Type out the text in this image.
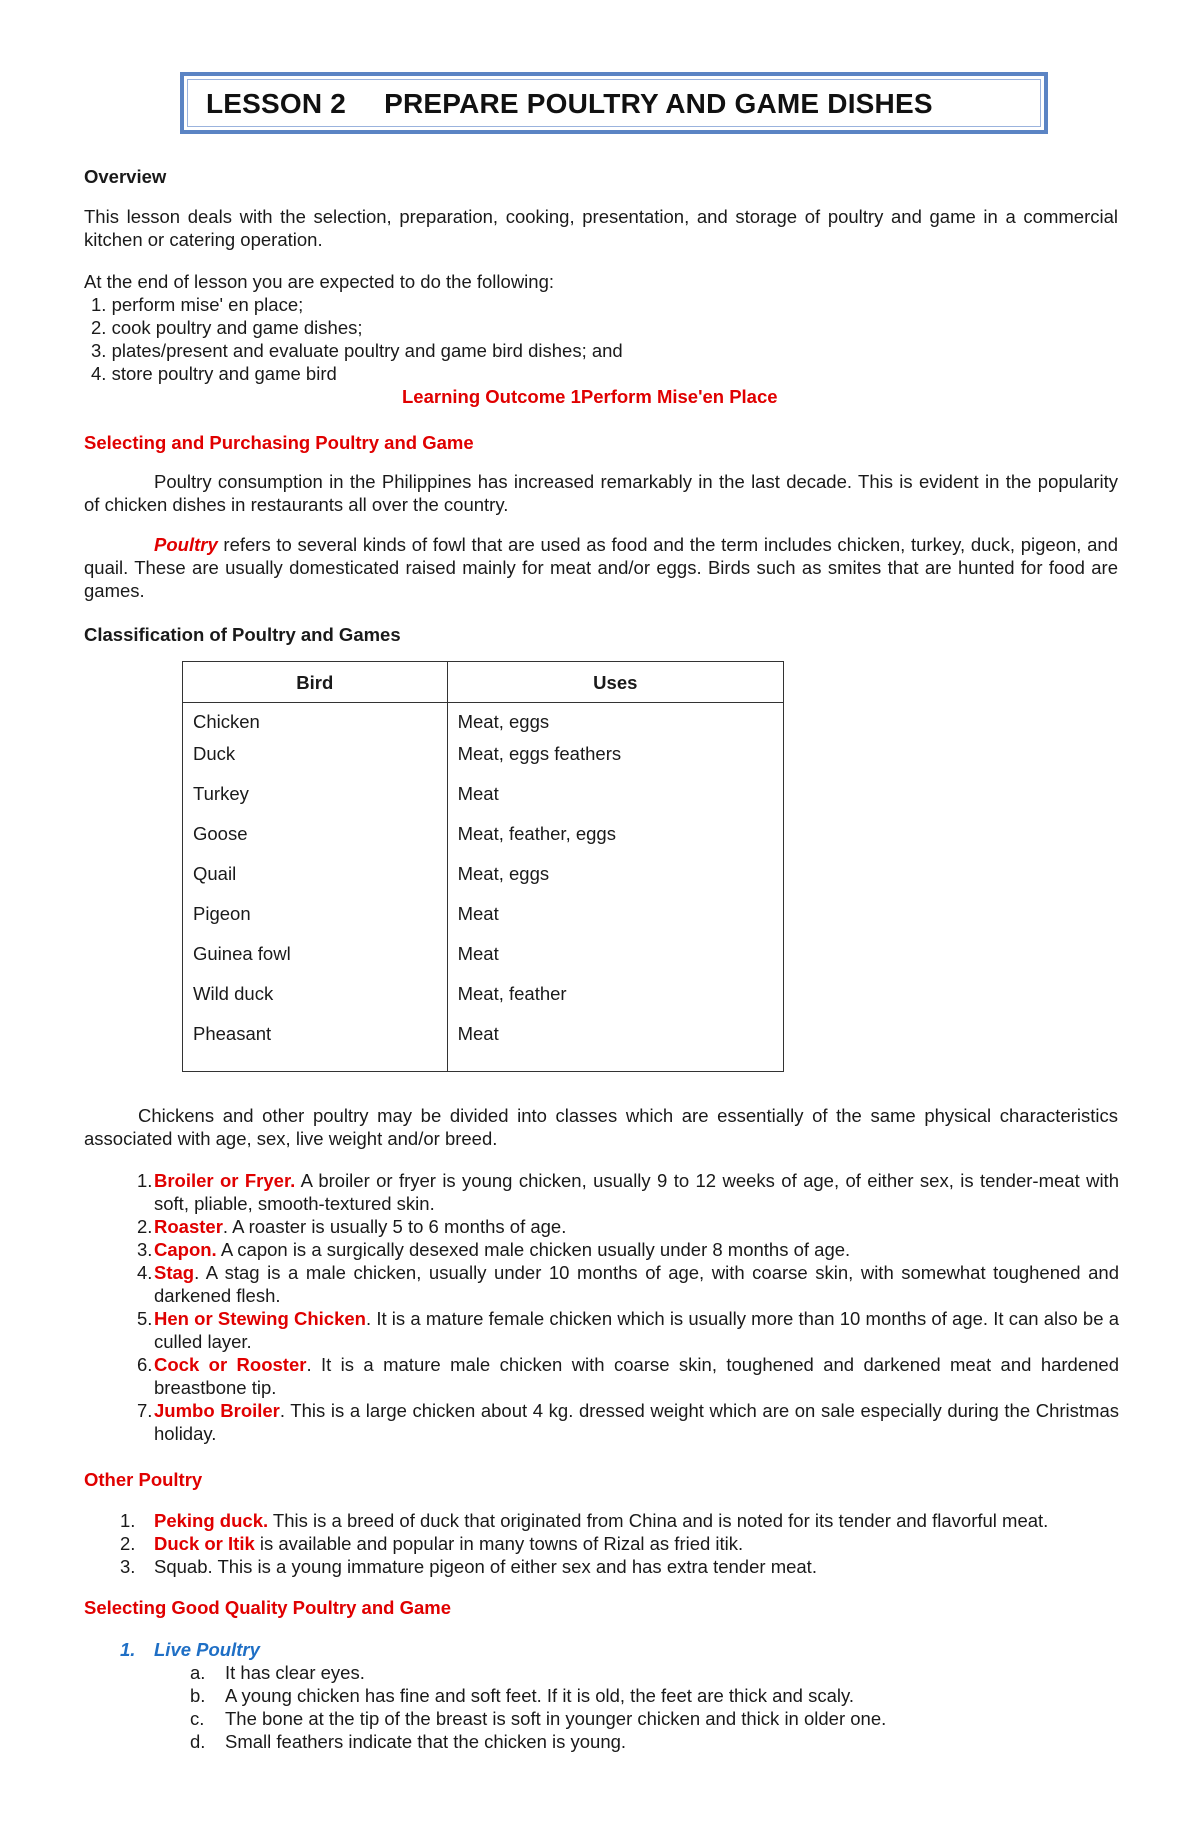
LESSON 2 PREPARE POULTRY AND GAME DISHES
Overview

This lesson deals with the selection, preparation, cooking, presentation, and storage of poultry and game in a commercial kitchen or catering operation.

At the end of lesson you are expected to do the following:
1. perform mise' en place;
2. cook poultry and game dishes;
3. plates/present and evaluate poultry and game bird dishes; and
4. store poultry and game bird
Learning Outcome 1Perform Mise'en Place
Selecting and Purchasing Poultry and Game

Poultry consumption in the Philippines has increased remarkably in the last decade. This is evident in the popularity of chicken dishes in restaurants all over the country.

Poultry refers to several kinds of fowl that are used as food and the term includes chicken, turkey, duck, pigeon, and quail. These are usually domesticated raised mainly for meat and/or eggs. Birds such as smites that are hunted for food are games.

Classification of Poultry and Games
Bird	Uses
Chicken	Meat, eggs
Duck	Meat, eggs feathers
Turkey	Meat
Goose	Meat, feather, eggs
Quail	Meat, eggs
Pigeon	Meat
Guinea fowl	Meat
Wild duck	Meat, feather
Pheasant	Meat

Chickens and other poultry may be divided into classes which are essentially of the same physical characteristics associated with age, sex, live weight and/or breed.

1. Broiler or Fryer. A broiler or fryer is young chicken, usually 9 to 12 weeks of age, of either sex, is tender-meat with soft, pliable, smooth-textured skin.
2. Roaster. A roaster is usually 5 to 6 months of age.
3. Capon. A capon is a surgically desexed male chicken usually under 8 months of age.
4. Stag. A stag is a male chicken, usually under 10 months of age, with coarse skin, with somewhat toughened and darkened flesh.
5. Hen or Stewing Chicken. It is a mature female chicken which is usually more than 10 months of age. It can also be a culled layer.
6. Cock or Rooster. It is a mature male chicken with coarse skin, toughened and darkened meat and hardened breastbone tip.
7. Jumbo Broiler. This is a large chicken about 4 kg. dressed weight which are on sale especially during the Christmas holiday.
Other Poultry
1. Peking duck. This is a breed of duck that originated from China and is noted for its tender and flavorful meat.
2. Duck or Itik is available and popular in many towns of Rizal as fried itik.
3. Squab. This is a young immature pigeon of either sex and has extra tender meat.
Selecting Good Quality Poultry and Game
1. Live Poultry
a. It has clear eyes.
b. A young chicken has fine and soft feet. If it is old, the feet are thick and scaly.
c. The bone at the tip of the breast is soft in younger chicken and thick in older one.
d. Small feathers indicate that the chicken is young.
